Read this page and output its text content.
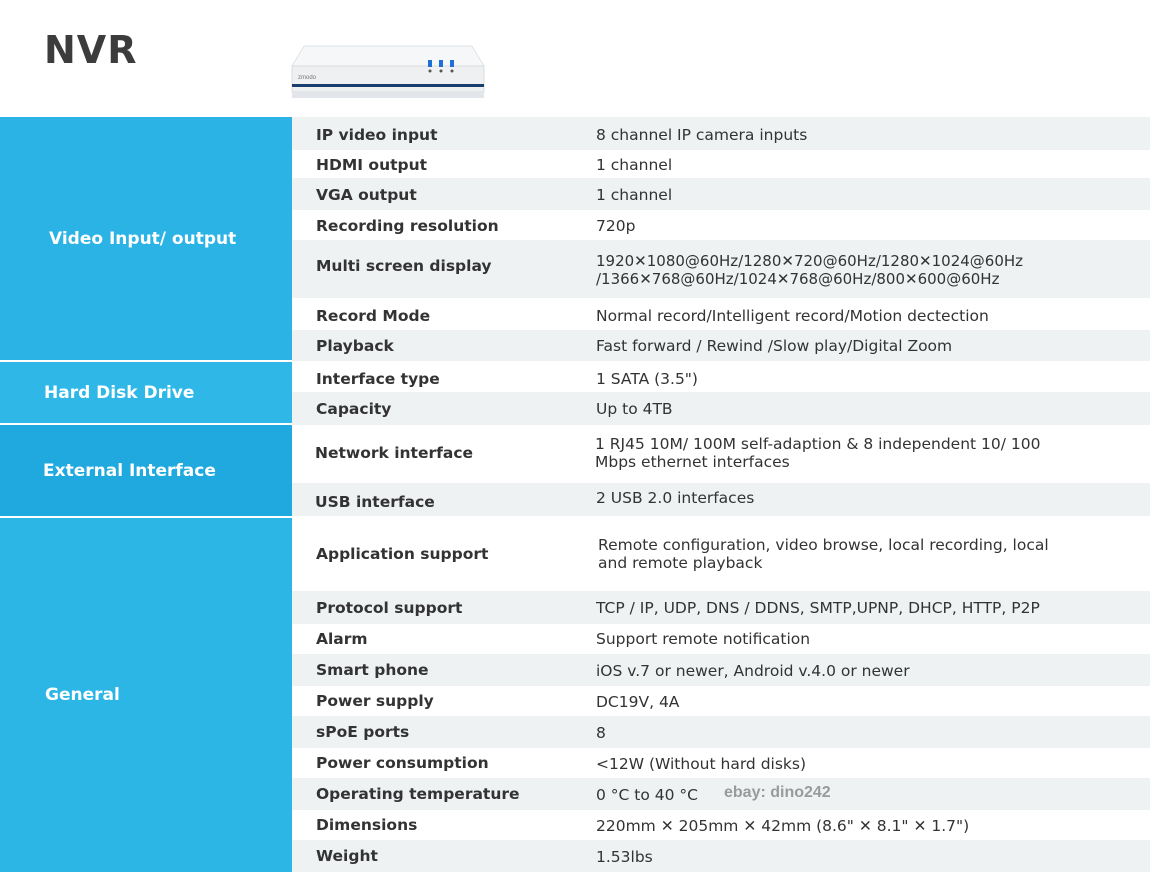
NVR
zmodo
Video Input/ output
Hard Disk Drive
External Interface
General
IP video input	8 channel IP camera inputs
HDMI output	1 channel
VGA output	1 channel
Recording resolution	720p
Multi screen display	1920✕1080@60Hz/1280✕720@60Hz/1280✕1024@60Hz /1366✕768@60Hz/1024✕768@60Hz/800✕600@60Hz
Record Mode	Normal record/Intelligent record/Motion dectection
Playback	Fast forward / Rewind /Slow play/Digital Zoom
Interface type	1 SATA (3.5")
Capacity	Up to 4TB
Network interface	1 RJ45 10M/ 100M self-adaption & 8 independent 10/ 100 Mbps ethernet interfaces
USB interface	2 USB 2.0 interfaces
Application support	Remote configuration, video browse, local recording, local and remote playback
Protocol support	TCP / IP, UDP, DNS / DDNS, SMTP,UPNP, DHCP, HTTP, P2P
Alarm	Support remote notification
Smart phone	iOS v.7 or newer, Android v.4.0 or newer
Power supply	DC19V, 4A
sPoE ports	8
Power consumption	<12W (Without hard disks)
Operating temperature	0 °C to 40 °C
Dimensions	220mm ✕ 205mm ✕ 42mm (8.6" ✕ 8.1" ✕ 1.7")
Weight	1.53lbs
ebay: dino242
